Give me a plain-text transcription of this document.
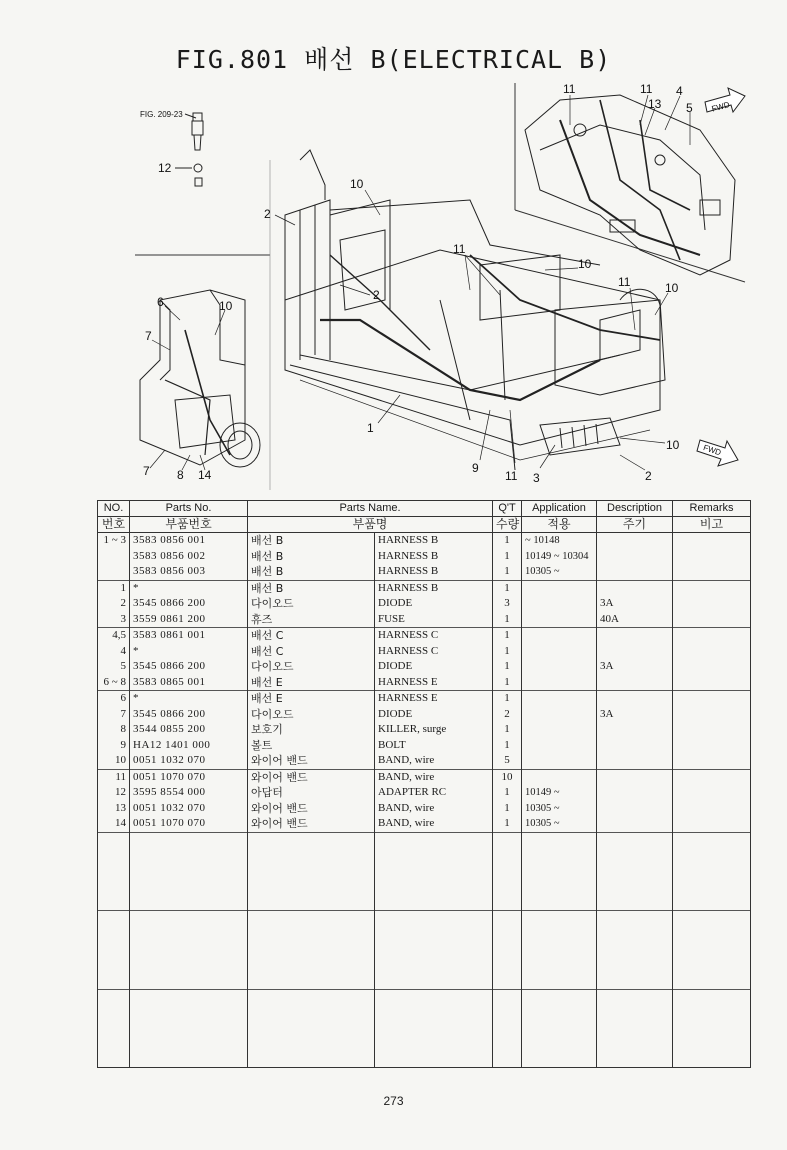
FIG.801 배선 B(ELECTRICAL B)
FIG. 209-23
FWD
FWD
12
2
10
2
11
10
11
11
4
13 5
6	10
7
11	10
1
9
11 3
10
2
7 8 14
NO.	Parts No.	Parts Name.		Q'T	Application	Description	Remarks
번호	부품번호	부품명		수량	적용	주기	비고
1 ~ 3	3583 0856 001	배선 B	HARNESS B	1	~ 10148		
	3583 0856 002	배선 B	HARNESS B	1	10149 ~ 10304		
	3583 0856 003	배선 B	HARNESS B	1	10305 ~		
1	*	배선 B	HARNESS B	1			
2	3545 0866 200	다이오드	DIODE	3		3A	
3	3559 0861 200	휴즈	FUSE	1		40A	
4,5	3583 0861 001	배선 C	HARNESS C	1			
4	*	배선 C	HARNESS C	1			
5	3545 0866 200	다이오드	DIODE	1		3A	
6 ~ 8	3583 0865 001	배선 E	HARNESS E	1			
6	*	배선 E	HARNESS E	1			
7	3545 0866 200	다이오드	DIODE	2		3A	
8	3544 0855 200	보호기	KILLER, surge	1			
9	HA12 1401 000	볼트	BOLT	1			
10	0051 1032 070	와이어 밴드	BAND, wire	5			
11	0051 1070 070	와이어 밴드	BAND, wire	10			
12	3595 8554 000	아답터	ADAPTER RC	1	10149 ~		
13	0051 1032 070	와이어 밴드	BAND, wire	1	10305 ~		
14	0051 1070 070	와이어 밴드	BAND, wire	1	10305 ~		

273
